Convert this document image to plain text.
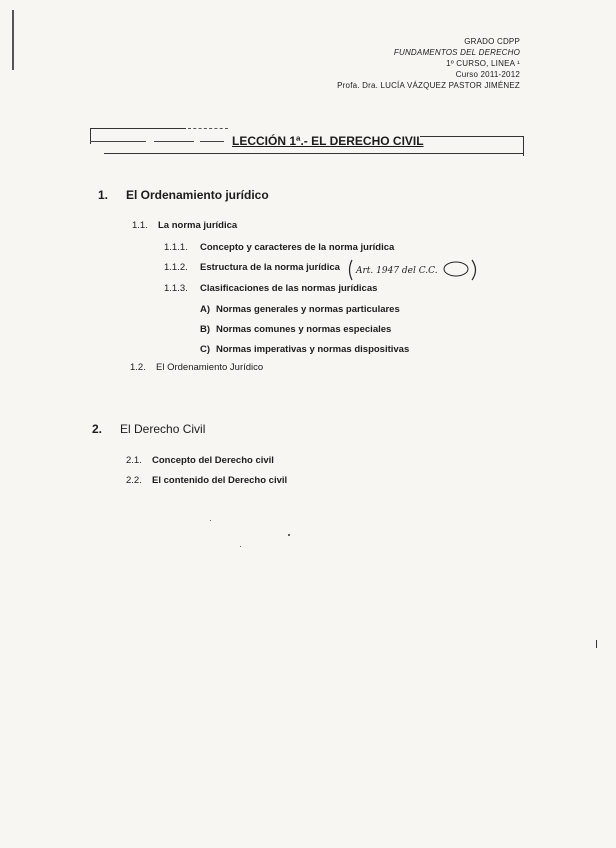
GRADO CDPP
FUNDAMENTOS DEL DERECHO
1º CURSO, LINEA ¹
Curso 2011-2012
Profa. Dra. LUCÍA VÁZQUEZ PASTOR JIMÉNEZ
LECCIÓN 1ª.- EL DERECHO CIVIL
1. El Ordenamiento jurídico
1.1. La norma jurídica
1.1.1. Concepto y caracteres de la norma jurídica
1.1.2. Estructura de la norma jurídica
1.1.3. Clasificaciones de las normas jurídicas
A) Normas generales y normas particulares
B) Normas comunes y normas especiales
C) Normas imperativas y normas dispositivas
1.2. El Ordenamiento Jurídico
2. El Derecho Civil
2.1. Concepto del Derecho civil
2.2. El contenido del Derecho civil
Art. 1947 del C.C.
